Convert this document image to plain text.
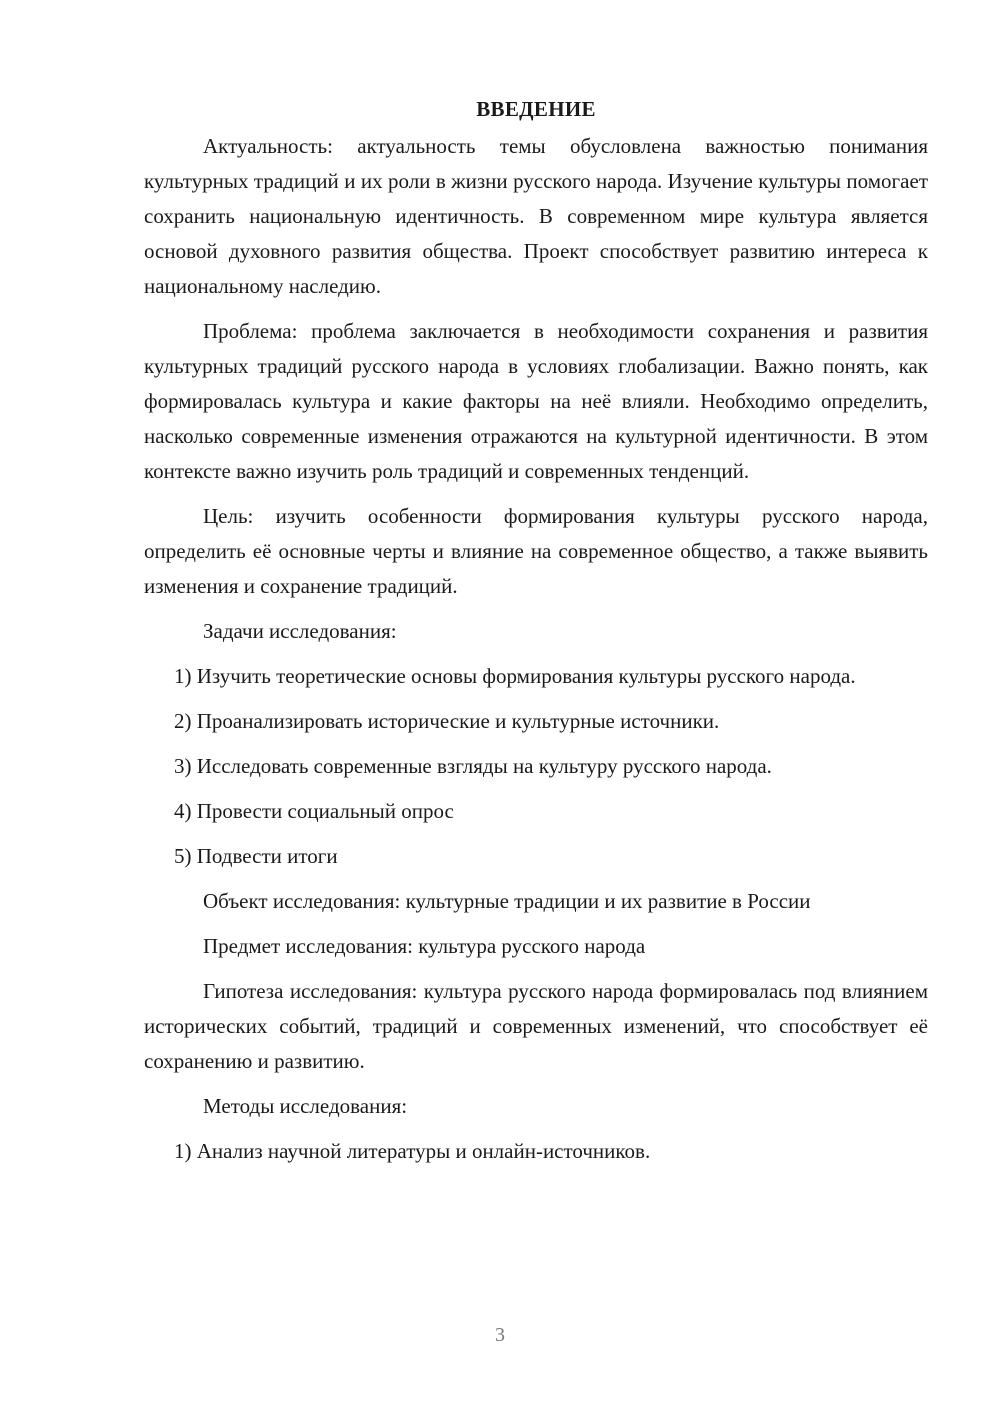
ВВЕДЕНИЕ

Актуальность: актуальность темы обусловлена важностью понимания культурных традиций и их роли в жизни русского народа. Изучение культуры помогает сохранить национальную идентичность. В современном мире культура является основой духовного развития общества. Проект способствует развитию интереса к национальному наследию.

Проблема: проблема заключается в необходимости сохранения и развития культурных традиций русского народа в условиях глобализации. Важно понять, как формировалась культура и какие факторы на неё влияли. Необходимо определить, насколько современные изменения отражаются на культурной идентичности. В этом контексте важно изучить роль традиций и современных тенденций.

Цель: изучить особенности формирования культуры русского народа, определить её основные черты и влияние на современное общество, а также выявить изменения и сохранение традиций.

Задачи исследования:

1) Изучить теоретические основы формирования культуры русского народа.

2) Проанализировать исторические и культурные источники.

3) Исследовать современные взгляды на культуру русского народа.

4) Провести социальный опрос

5) Подвести итоги

Объект исследования: культурные традиции и их развитие в России

Предмет исследования: культура русского народа

Гипотеза исследования: культура русского народа формировалась под влиянием исторических событий, традиций и современных изменений, что способствует её сохранению и развитию.

Методы исследования:

1) Анализ научной литературы и онлайн-источников.

3
